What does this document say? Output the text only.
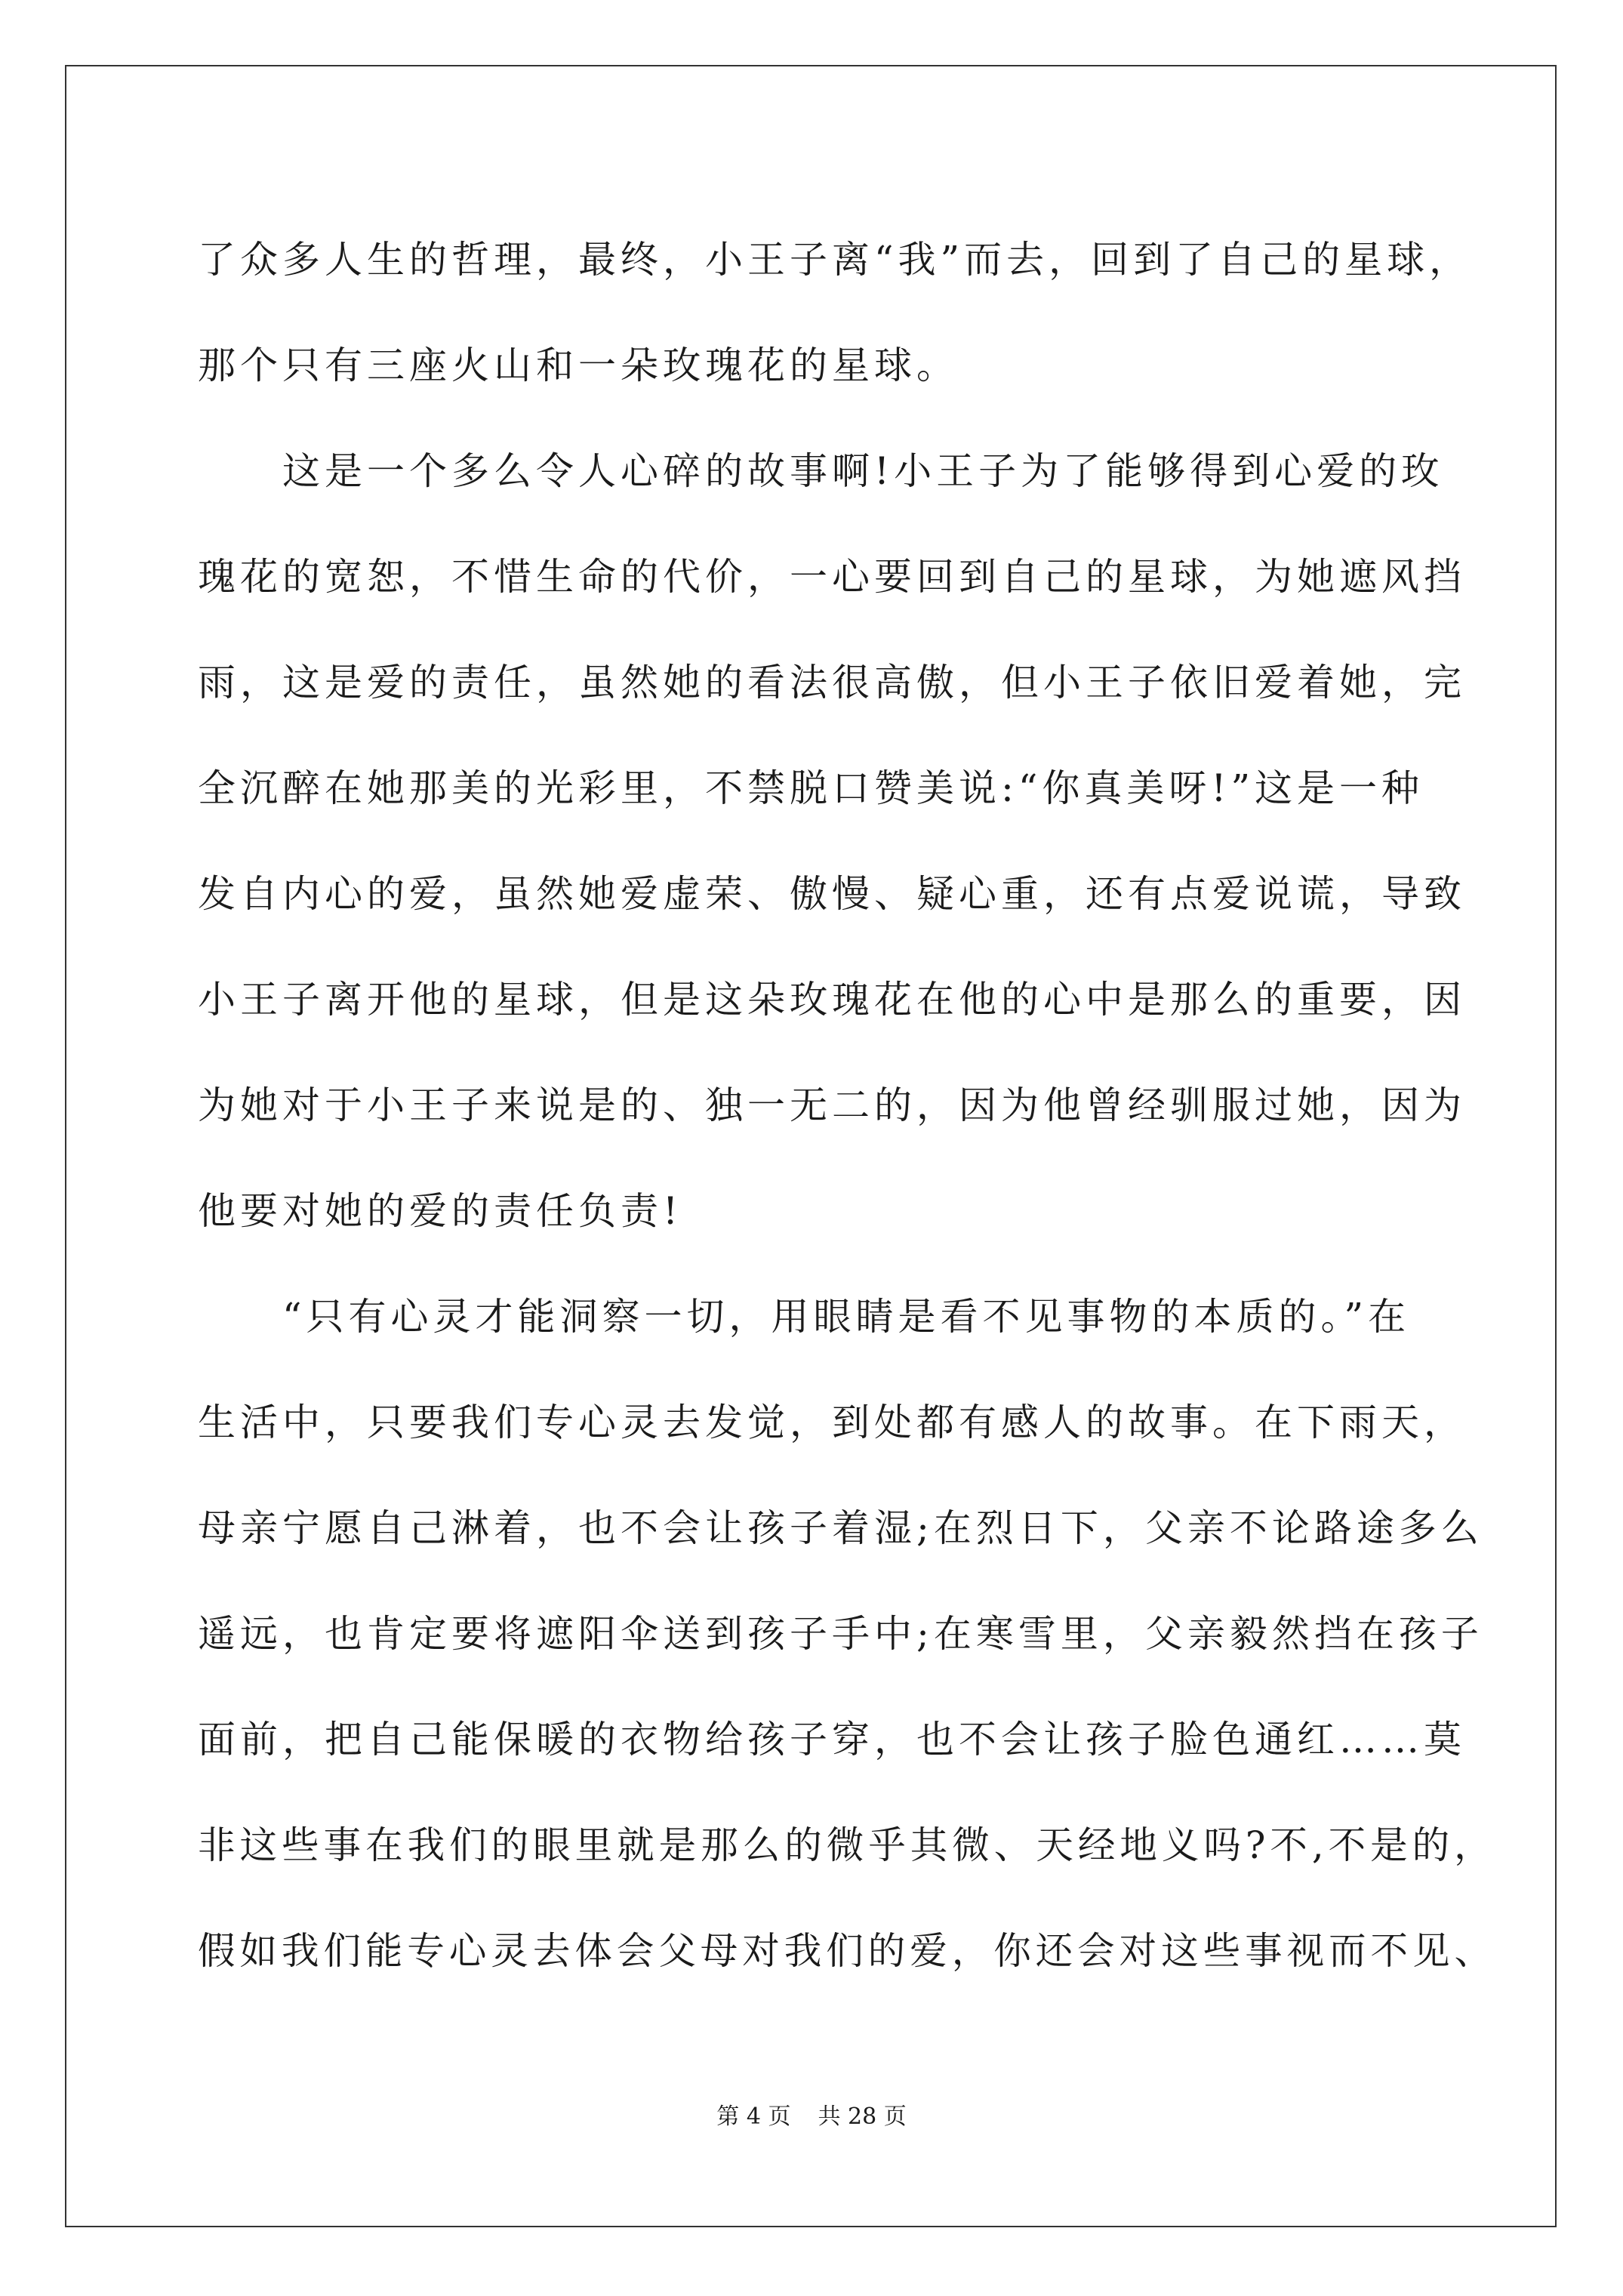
了众多人生的哲理，最终，小王子离“我”而去，回到了自己的星球，
那个只有三座火山和一朵玫瑰花的星球。
　　这是一个多么令人心碎的故事啊!小王子为了能够得到心爱的玫
瑰花的宽恕，不惜生命的代价，一心要回到自己的星球，为她遮风挡
雨，这是爱的责任，虽然她的看法很高傲，但小王子依旧爱着她，完
全沉醉在她那美的光彩里，不禁脱口赞美说:“你真美呀!”这是一种
发自内心的爱，虽然她爱虚荣、傲慢、疑心重，还有点爱说谎，导致
小王子离开他的星球，但是这朵玫瑰花在他的心中是那么的重要，因
为她对于小王子来说是的、独一无二的，因为他曾经驯服过她，因为
他要对她的爱的责任负责!
　　“只有心灵才能洞察一切，用眼睛是看不见事物的本质的。”在
生活中，只要我们专心灵去发觉，到处都有感人的故事。在下雨天，
母亲宁愿自己淋着，也不会让孩子着湿;在烈日下，父亲不论路途多么
遥远，也肯定要将遮阳伞送到孩子手中;在寒雪里，父亲毅然挡在孩子
面前，把自己能保暖的衣物给孩子穿，也不会让孩子脸色通红……莫
非这些事在我们的眼里就是那么的微乎其微、天经地义吗?不,不是的，
假如我们能专心灵去体会父母对我们的爱，你还会对这些事视而不见、
第 4 页 共 28 页
